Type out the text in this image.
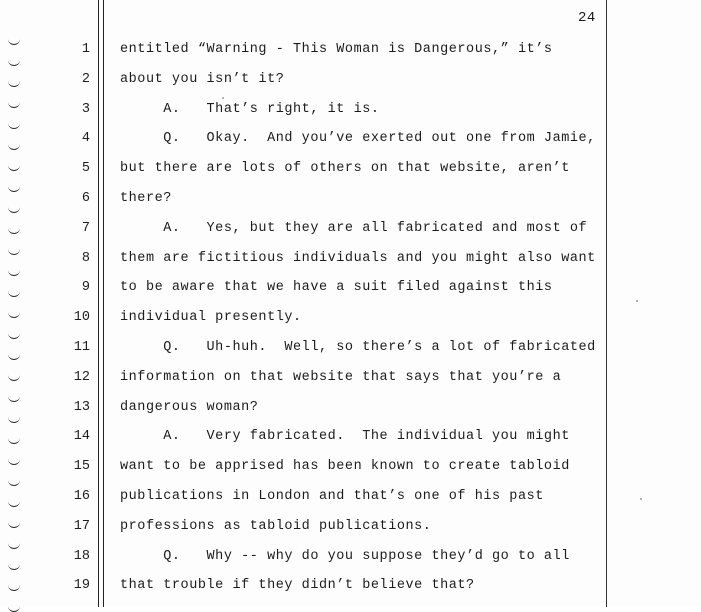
24
1 entitled “Warning - This Woman is Dangerous,” it’s
2 about you isn’t it?
3 A.   That’s right, it is.
4 Q.   Okay.  And you’ve exerted out one from Jamie,
5 but there are lots of others on that website, aren’t
6 there?
7 A.   Yes, but they are all fabricated and most of
8 them are fictitious individuals and you might also want
9 to be aware that we have a suit filed against this
10 individual presently.
11 Q.   Uh-huh.  Well, so there’s a lot of fabricated
12 information on that website that says that you’re a
13 dangerous woman?
14 A.   Very fabricated.  The individual you might
15 want to be apprised has been known to create tabloid
16 publications in London and that’s one of his past
17 professions as tabloid publications.
18 Q.   Why -- why do you suppose they’d go to all
19 that trouble if they didn’t believe that?
